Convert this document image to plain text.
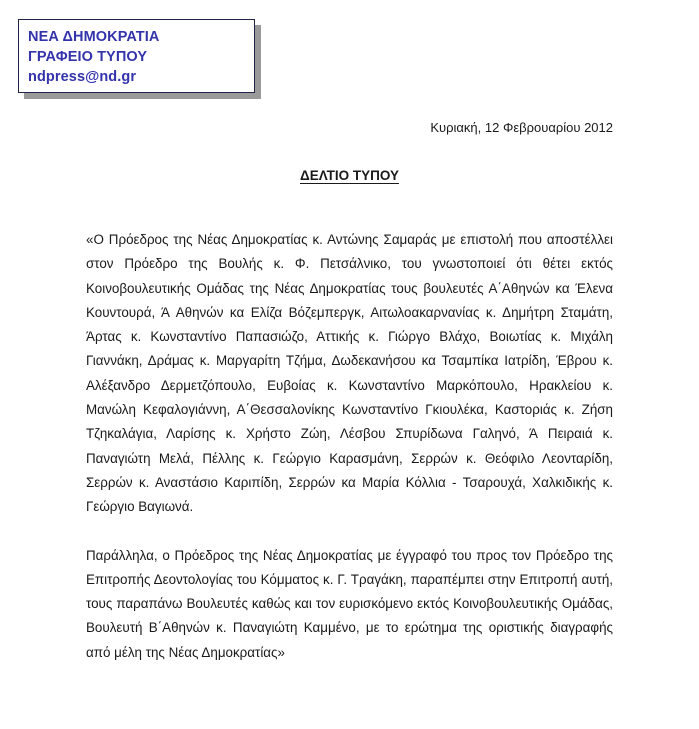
ΝΕΑ ΔΗΜΟΚΡΑΤΙΑ
ΓΡΑΦΕΙΟ ΤΥΠΟΥ
ndpress@nd.gr
Κυριακή, 12 Φεβρουαρίου 2012
ΔΕΛΤΙΟ ΤΥΠΟΥ

«Ο Πρόεδρος της Νέας Δημοκρατίας κ. Αντώνης Σαμαράς με επιστολή που αποστέλλει στον Πρόεδρο της Βουλής κ. Φ. Πετσάλνικο, του γνωστοποιεί ότι θέτει εκτός Κοινοβουλευτικής Ομάδας της Νέας Δημοκρατίας τους βουλευτές Α΄Αθηνών κα Έλενα Κουντουρά, Ά Αθηνών κα Ελίζα Βόζεμπεργκ, Αιτωλοακαρνανίας κ. Δημήτρη Σταμάτη, Άρτας κ. Κωνσταντίνο Παπασιώζο, Αττικής κ. Γιώργο Βλάχο, Βοιωτίας κ. Μιχάλη Γιαννάκη, Δράμας κ. Μαργαρίτη Τζήμα, Δωδεκανήσου κα Τσαμπίκα Ιατρίδη, Έβρου κ. Αλέξανδρο Δερμετζόπουλο, Ευβοίας κ. Κωνσταντίνο Μαρκόπουλο, Ηρακλείου κ. Μανώλη Κεφαλογιάννη, Α΄Θεσσαλονίκης Κωνσταντίνο Γκιουλέκα, Καστοριάς κ. Ζήση Τζηκαλάγια, Λαρίσης κ. Χρήστο Ζώη, Λέσβου Σπυρίδωνα Γαληνό, Ά Πειραιά κ. Παναγιώτη Μελά, Πέλλης κ. Γεώργιο Καρασμάνη, Σερρών κ. Θεόφιλο Λεονταρίδη, Σερρών κ. Αναστάσιο Καριπίδη, Σερρών κα Μαρία Κόλλια - Τσαρουχά, Χαλκιδικής κ. Γεώργιο Βαγιωνά.

Παράλληλα, ο Πρόεδρος της Νέας Δημοκρατίας με έγγραφό του προς τον Πρόεδρο της Επιτροπής Δεοντολογίας του Κόμματος κ. Γ. Τραγάκη, παραπέμπει στην Επιτροπή αυτή, τους παραπάνω Βουλευτές καθώς και τον ευρισκόμενο εκτός Κοινοβουλευτικής Ομάδας, Βουλευτή Β΄Αθηνών κ. Παναγιώτη Καμμένο, με το ερώτημα της οριστικής διαγραφής από μέλη της Νέας Δημοκρατίας»
